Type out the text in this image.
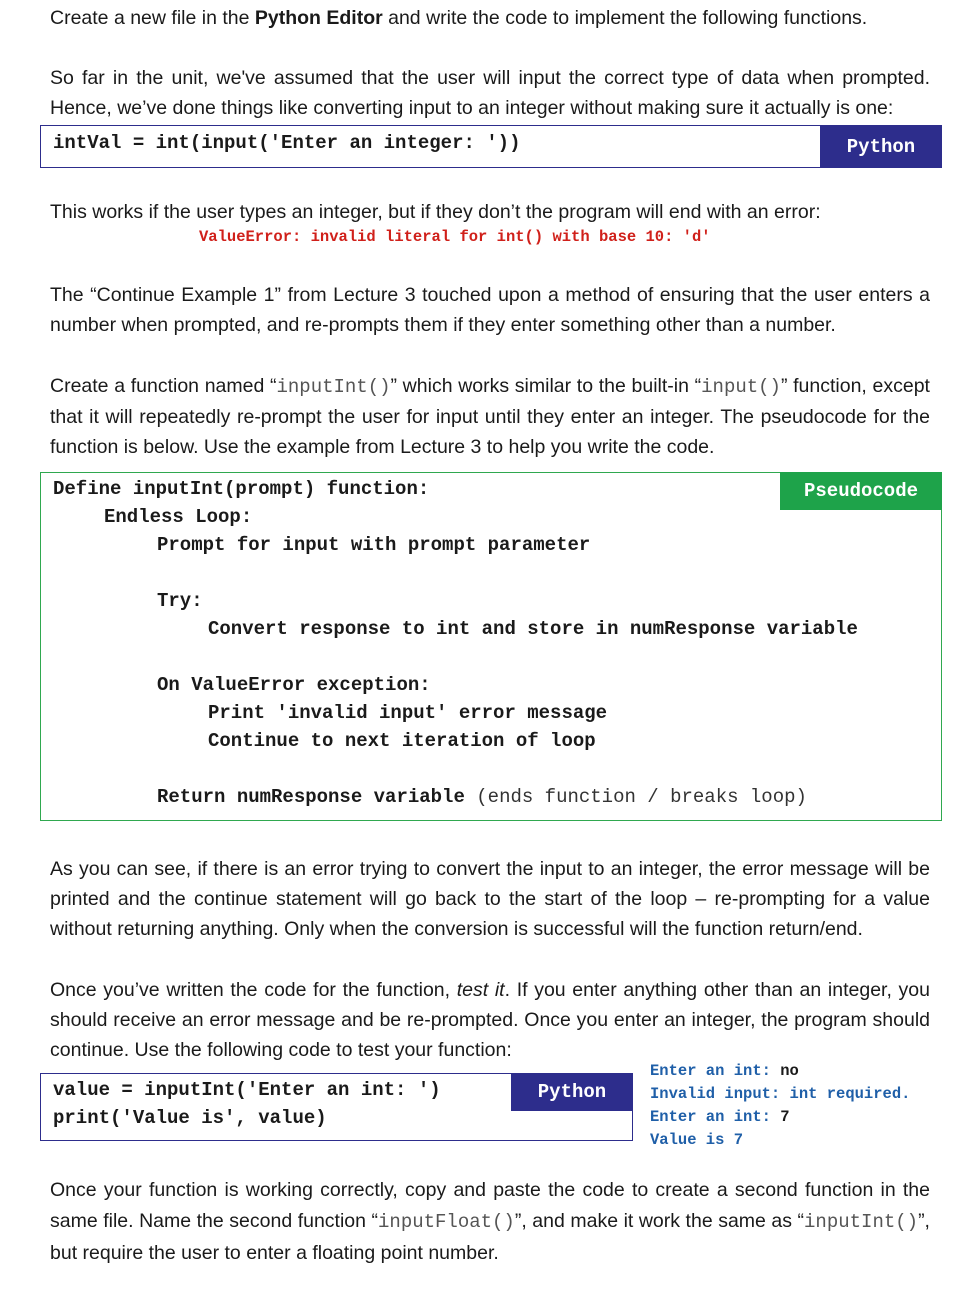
Create a new file in the Python Editor and write the code to implement the following functions.

So far in the unit, we've assumed that the user will input the correct type of data when prompted. Hence, we’ve done things like converting input to an integer without making sure it actually is one:

intVal = int(input('Enter an integer: '))	Python

This works if the user types an integer, but if they don’t the program will end with an error:

ValueError: invalid literal for int() with base 10: 'd'

The “Continue Example 1” from Lecture 3 touched upon a method of ensuring that the user enters a number when prompted, and re-prompts them if they enter something other than a number.

Create a function named “inputInt()” which works similar to the built-in “input()” function, except that it will repeatedly re-prompt the user for input until they enter an integer. The pseudocode for the function is below. Use the example from Lecture 3 to help you write the code.

Pseudocode
Define inputInt(prompt) function:
Endless Loop:
Prompt for input with prompt parameter
Try:
Convert response to int and store in numResponse variable
On ValueError exception:
Print 'invalid input' error message
Continue to next iteration of loop
Return numResponse variable (ends function / breaks loop)

As you can see, if there is an error trying to convert the input to an integer, the error message will be printed and the continue statement will go back to the start of the loop – re-prompting for a value without returning anything. Only when the conversion is successful will the function return/end.

Once you’ve written the code for the function, test it. If you enter anything other than an integer, you should receive an error message and be re-prompted. Once you enter an integer, the program should continue. Use the following code to test your function:

value = inputInt('Enter an int: ')
print('Value is', value)
Python
Enter an int: no
Invalid input: int required.
Enter an int: 7
Value is 7

Once your function is working correctly, copy and paste the code to create a second function in the same file. Name the second function “inputFloat()”, and make it work the same as “inputInt()”, but require the user to enter a floating point number.
